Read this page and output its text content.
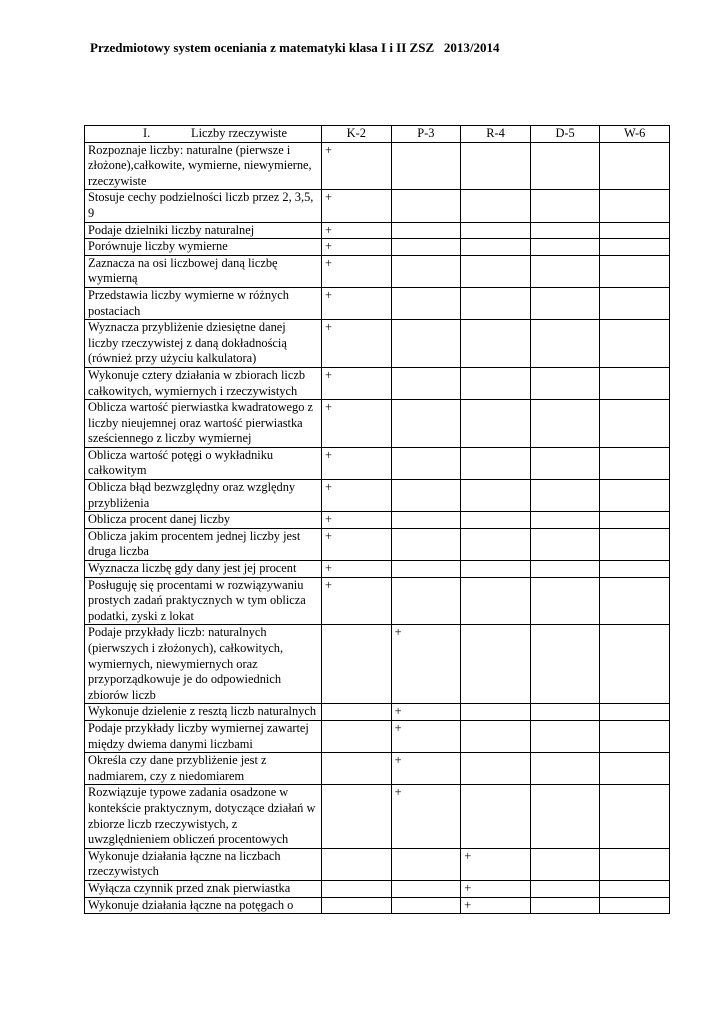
Przedmiotowy system oceniania z matematyki klasa I i II ZSZ   2013/2014
I. Liczby rzeczywiste	K-2	P-3	R-4	D-5	W-6
Rozpoznaje liczby: naturalne (pierwsze i złożone),całkowite, wymierne, niewymierne, rzeczywiste	+				
Stosuje cechy podzielności liczb przez 2, 3,5, 9	+				
Podaje dzielniki liczby naturalnej	+				
Porównuje liczby wymierne	+				
Zaznacza na osi liczbowej daną liczbę wymierną	+				
Przedstawia liczby wymierne w różnych postaciach	+				
Wyznacza przybliżenie dziesiętne danej liczby rzeczywistej z daną dokładnością (również przy użyciu kalkulatora)	+				
Wykonuje cztery działania w zbiorach liczb całkowitych, wymiernych i rzeczywistych	+				
Oblicza wartość pierwiastka kwadratowego z liczby nieujemnej oraz wartość pierwiastka sześciennego z liczby wymiernej	+				
Oblicza wartość potęgi o wykładniku całkowitym	+				
Oblicza błąd bezwzględny oraz względny przybliżenia	+				
Oblicza procent danej liczby	+				
Oblicza jakim procentem jednej liczby jest druga liczba	+				
Wyznacza liczbę gdy dany jest jej procent	+				
Posługuję się procentami w rozwiązywaniu prostych zadań praktycznych w tym oblicza podatki, zyski z lokat	+				
Podaje przykłady liczb: naturalnych (pierwszych i złożonych), całkowitych, wymiernych, niewymiernych oraz przyporządkowuje je do odpowiednich zbiorów liczb		+			
Wykonuje dzielenie z resztą liczb naturalnych		+			
Podaje przykłady liczby wymiernej zawartej między dwiema danymi liczbami		+			
Określa czy dane przybliżenie jest z nadmiarem, czy z niedomiarem		+			
Rozwiązuje typowe zadania osadzone w kontekście praktycznym, dotyczące działań w zbiorze liczb rzeczywistych, z uwzględnieniem obliczeń procentowych		+			
Wykonuje działania łączne na liczbach rzeczywistych			+		
Wyłącza czynnik przed znak pierwiastka			+		
Wykonuje działania łączne na potęgach o			+		
